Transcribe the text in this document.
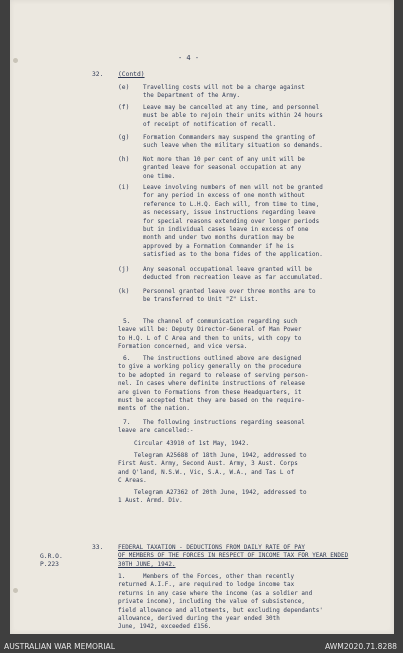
- 4 -
32. (Contd)
G.R.O.
P.223
33.
(e) Travelling costs will not be a charge against
the Department of the Army.
(f) Leave may be cancelled at any time, and personnel
must be able to rejoin their units within 24 hours
of receipt of notification of recall.
(g) Formation Commanders may suspend the granting of
such leave when the military situation so demands.
(h) Not more than 10 per cent of any unit will be
granted leave for seasonal occupation at any
one time.
(i) Leave involving numbers of men will not be granted
for any period in excess of one month without
reference to L.H.Q. Each will, from time to time,
as necessary, issue instructions regarding leave
for special reasons extending over longer periods
but in individual cases leave in excess of one
month and under two months duration may be
approved by a Formation Commander if he is
satisfied as to the bona fides of the application.
(j) Any seasonal occupational leave granted will be
deducted from recreation leave as far accumulated.
(k) Personnel granted leave over three months are to
be transferred to Unit "Z" List.
5. The channel of communication regarding such
leave will be: Deputy Director-General of Man Power
to H.Q. L of C Area and then to units, with copy to
Formation concerned, and vice versa.
6. The instructions outlined above are designed
to give a working policy generally on the procedure
to be adopted in regard to release of serving person-
nel. In cases where definite instructions of release
are given to Formations from these Headquarters, it
must be accepted that they are based on the require-
ments of the nation.
7. The following instructions regarding seasonal
leave are cancelled:-
Circular 43910 of 1st May, 1942.
Telegram A25688 of 18th June, 1942, addressed to
First Aust. Army, Second Aust. Army, 3 Aust. Corps
and Q'land, N.S.W., Vic, S.A., W.A., and Tas L of
C Areas.
Telegram A27362 of 20th June, 1942, addressed to
1 Aust. Armd. Div.
FEDERAL TAXATION - DEDUCTIONS FROM DAILY RATE OF PAY
OF MEMBERS OF THE FORCES IN RESPECT OF INCOME TAX FOR YEAR ENDED
30TH JUNE, 1942.
1.	Members of the Forces, other than recently
returned A.I.F., are required to lodge income tax
returns in any case where the income (as a soldier and
private income), including the value of subsistence,
field allowance and allotments, but excluding dependants'
allowance, derived during the year ended 30th
June, 1942, exceeded £156.
AUSTRALIAN WAR MEMORIAL	AWM2020.71.8288
